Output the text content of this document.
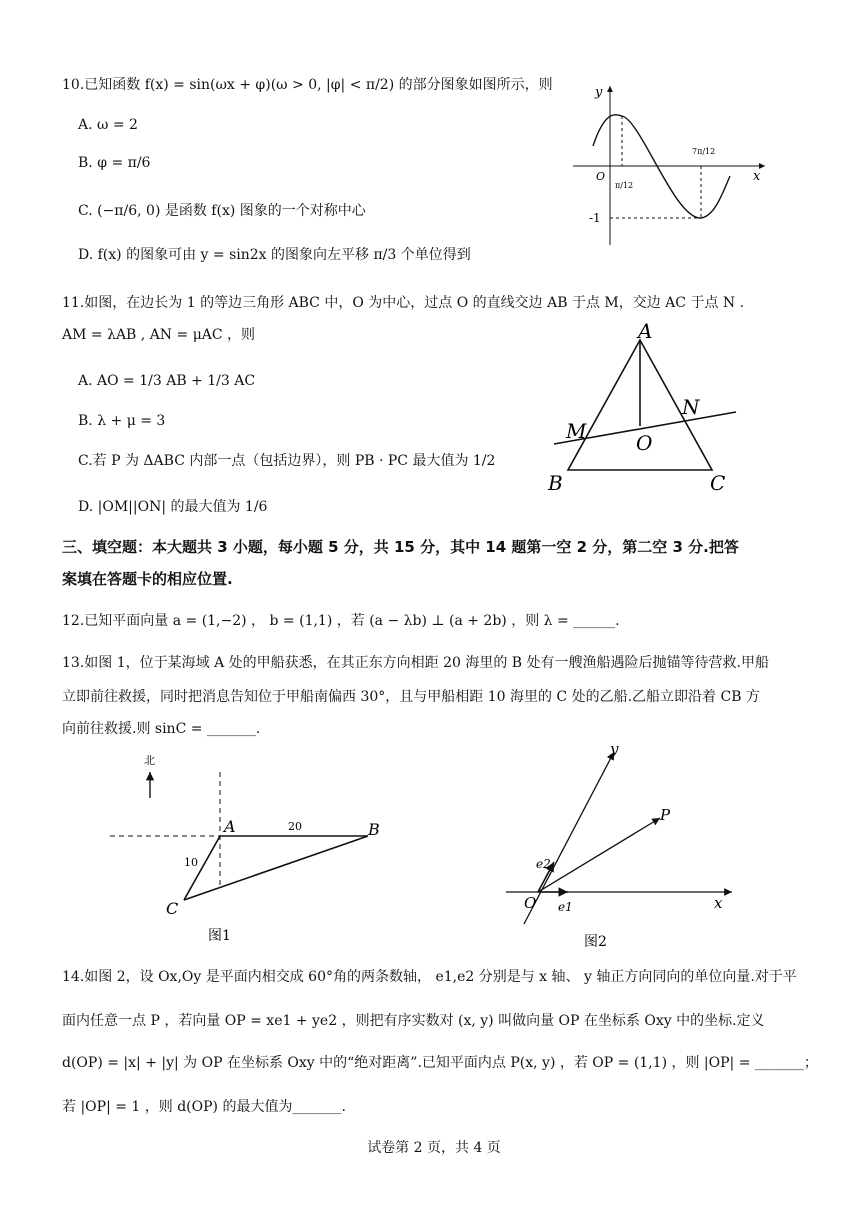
10.已知函数 f(x) = sin(ωx + φ)(ω > 0, |φ| < π/2) 的部分图象如图所示，则
A. ω = 2
B. φ = π/6
C. (−π/6, 0) 是函数 f(x) 图象的一个对称中心
D. f(x) 的图象可由 y = sin2x 的图象向左平移 π/3 个单位得到
y
x
O
π/12
7π/12
-1
11.如图，在边长为 1 的等边三角形 ABC 中，O 为中心，过点 O 的直线交边 AB 于点 M，交边 AC 于点 N .
AM = λAB , AN = μAC ，则
A. AO = 1/3 AB + 1/3 AC
B. λ + μ = 3
C.若 P 为 ΔABC 内部一点（包括边界），则 PB · PC 最大值为 1/2
D. |OM||ON| 的最大值为 1/6
A
B	C
M
N
O
三、填空题：本大题共 3 小题，每小题 5 分，共 15 分，其中 14 题第一空 2 分，第二空 3 分.把答
案填在答题卡的相应位置.
12.已知平面向量 a = (1,−2) ， b = (1,1) ，若 (a − λb) ⊥ (a + 2b) ，则 λ = ______.
13.如图 1，位于某海域 A 处的甲船获悉，在其正东方向相距 20 海里的 B 处有一艘渔船遇险后抛锚等待营救.甲船
立即前往救援，同时把消息告知位于甲船南偏西 30°，且与甲船相距 10 海里的 C 处的乙船.乙船立即沿着 CB 方
向前往救援.则 sinC = _______.
北
A	B
C
20
10
图1
y
x
P
O e1
e2
图2
14.如图 2，设 Ox,Oy 是平面内相交成 60°角的两条数轴， e1,e2 分别是与 x 轴、 y 轴正方向同向的单位向量.对于平
面内任意一点 P ，若向量 OP = xe1 + ye2 ，则把有序实数对 (x, y) 叫做向量 OP 在坐标系 Oxy 中的坐标.定义
d(OP) = |x| + |y| 为 OP 在坐标系 Oxy 中的“绝对距离”.已知平面内点 P(x, y) ，若 OP = (1,1) ，则 |OP| = _______；
若 |OP| = 1 ，则 d(OP) 的最大值为_______.
试卷第 2 页，共 4 页
